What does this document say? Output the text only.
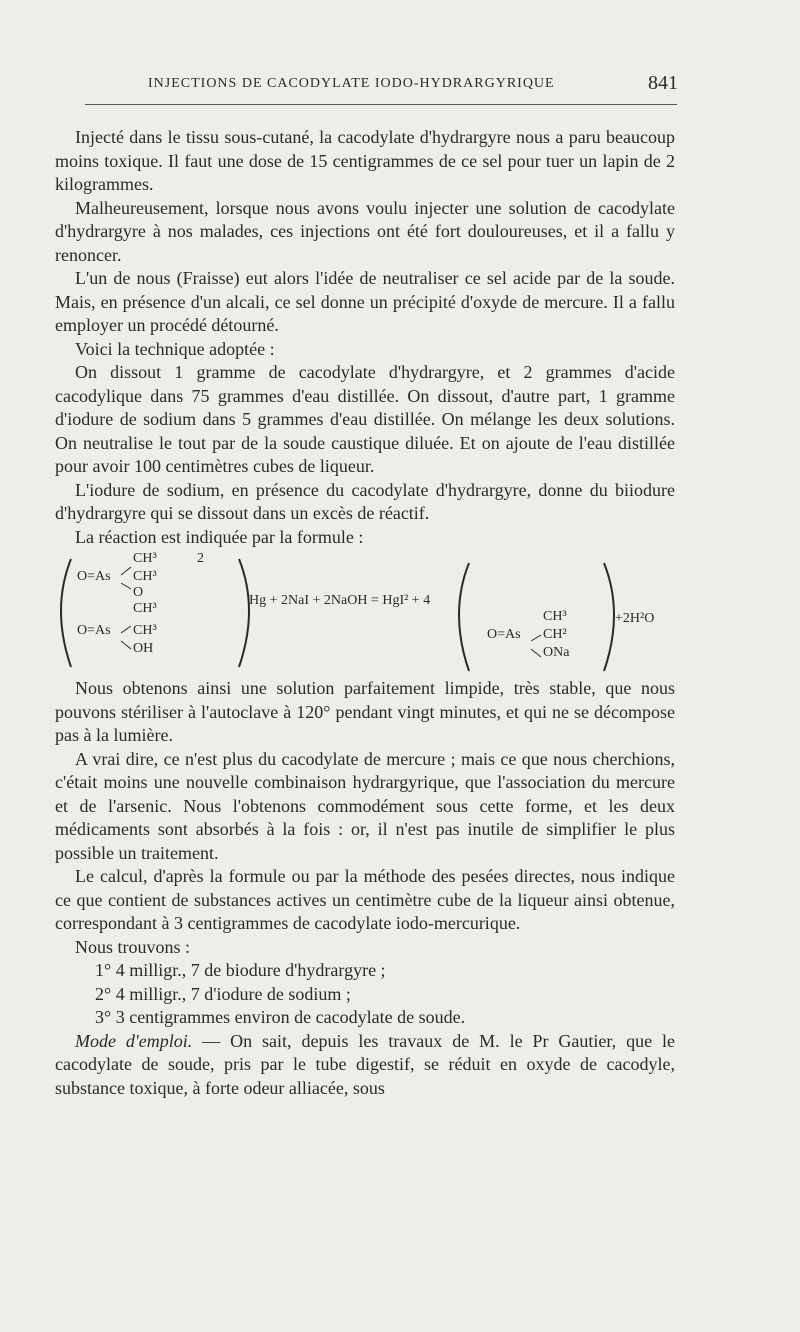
INJECTIONS DE CACODYLATE IODO-HYDRARGYRIQUE	841

Injecté dans le tissu sous-cutané, la cacodylate d'hydrargyre nous a paru beaucoup moins toxique. Il faut une dose de 15 centigrammes de ce sel pour tuer un lapin de 2 kilogrammes.

Malheureusement, lorsque nous avons voulu injecter une solution de cacodylate d'hydrargyre à nos malades, ces injections ont été fort douloureuses, et il a fallu y renoncer.

L'un de nous (Fraisse) eut alors l'idée de neutraliser ce sel acide par de la soude. Mais, en présence d'un alcali, ce sel donne un précipité d'oxyde de mercure. Il a fallu employer un procédé détourné.

Voici la technique adoptée :

On dissout 1 gramme de cacodylate d'hydrargyre, et 2 grammes d'acide cacodylique dans 75 grammes d'eau distillée. On dissout, d'autre part, 1 gramme d'iodure de sodium dans 5 grammes d'eau distillée. On mélange les deux solutions. On neutralise le tout par de la soude caustique diluée. Et on ajoute de l'eau distillée pour avoir 100 centimètres cubes de liqueur.

L'iodure de sodium, en présence du cacodylate d'hydrargyre, donne du biiodure d'hydrargyre qui se dissout dans un excès de réactif.

La réaction est indiquée par la formule :

CH³	2
O=As CH³
O
CH³
Hg + 2NaI + 2NaOH = HgI² + 4
O=As CH³
OH
CH³
O=As CH²
ONa
+2H²O

Nous obtenons ainsi une solution parfaitement limpide, très stable, que nous pouvons stériliser à l'autoclave à 120° pendant vingt minutes, et qui ne se décompose pas à la lumière.

A vrai dire, ce n'est plus du cacodylate de mercure ; mais ce que nous cherchions, c'était moins une nouvelle combinaison hydrargyrique, que l'association du mercure et de l'arsenic. Nous l'obtenons commodément sous cette forme, et les deux médicaments sont absorbés à la fois : or, il n'est pas inutile de simplifier le plus possible un traitement.

Le calcul, d'après la formule ou par la méthode des pesées directes, nous indique ce que contient de substances actives un centimètre cube de la liqueur ainsi obtenue, correspondant à 3 centigrammes de cacodylate iodo-mercurique.

Nous trouvons :

1° 4 milligr., 7 de biodure d'hydrargyre ;

2° 4 milligr., 7 d'iodure de sodium ;

3° 3 centigrammes environ de cacodylate de soude.

Mode d'emploi. — On sait, depuis les travaux de M. le Pr Gautier, que le cacodylate de soude, pris par le tube digestif, se réduit en oxyde de cacodyle, substance toxique, à forte odeur alliacée, sous
